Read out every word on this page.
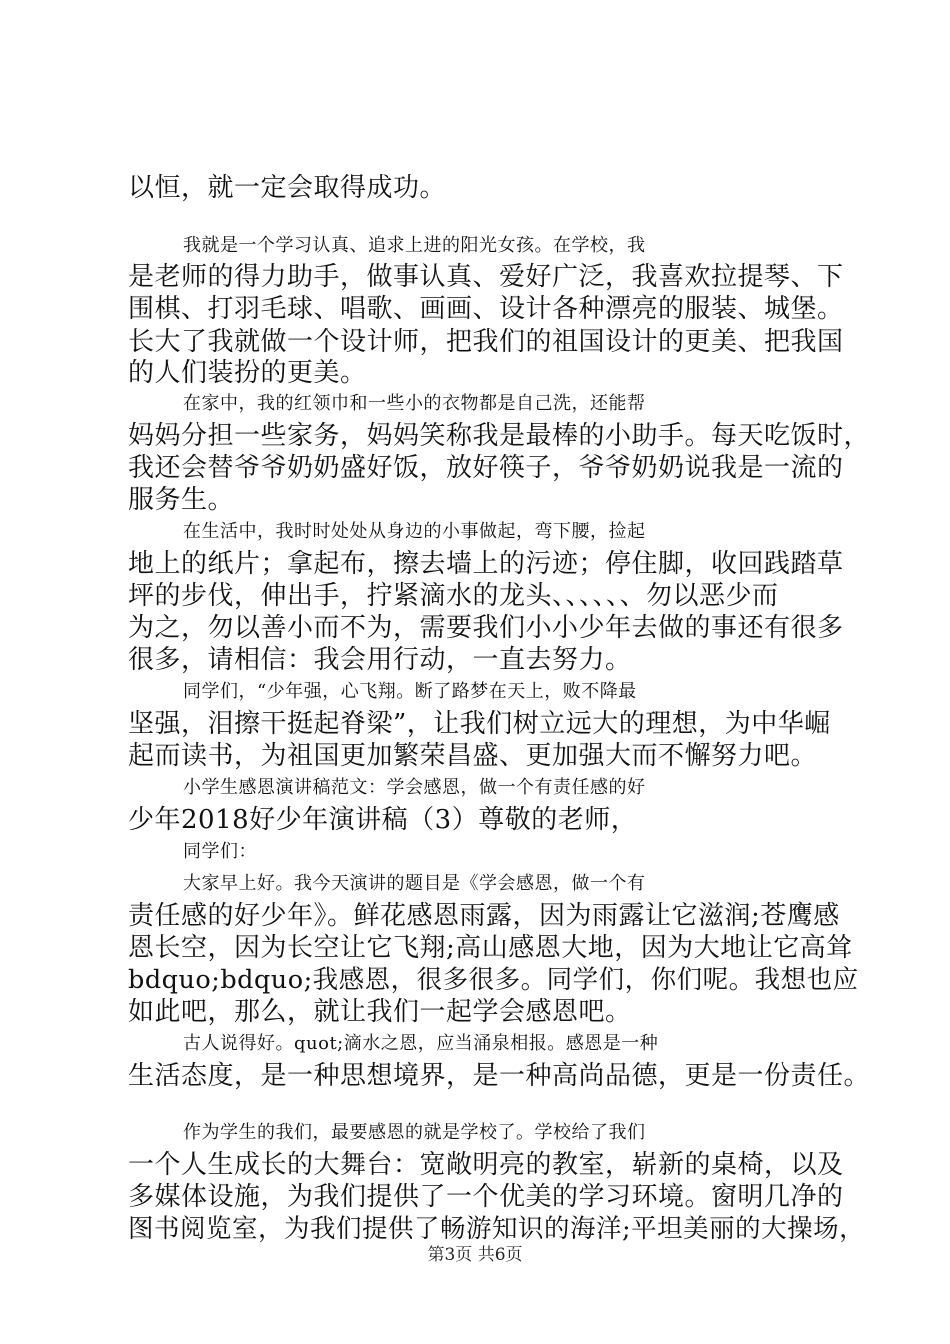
以恒，就一定会取得成功。
我就是一个学习认真、追求上进的阳光女孩。在学校，我
是老师的得力助手，做事认真、爱好广泛，我喜欢拉提琴、下
围棋、打羽毛球、唱歌、画画、设计各种漂亮的服装、城堡。
长大了我就做一个设计师，把我们的祖国设计的更美、把我国
的人们装扮的更美。
在家中，我的红领巾和一些小的衣物都是自己洗，还能帮
妈妈分担一些家务，妈妈笑称我是最棒的小助手。每天吃饭时，
我还会替爷爷奶奶盛好饭，放好筷子，爷爷奶奶说我是一流的
服务生。
在生活中，我时时处处从身边的小事做起，弯下腰，捡起
地上的纸片；拿起布，擦去墙上的污迹；停住脚，收回践踏草
坪的步伐，伸出手，拧紧滴水的龙头、、、、、、勿以恶少而
为之，勿以善小而不为，需要我们小小少年去做的事还有很多
很多，请相信：我会用行动，一直去努力。
同学们，“少年强，心飞翔。断了路梦在天上，败不降最
坚强，泪擦干挺起脊梁”，让我们树立远大的理想，为中华崛
起而读书，为祖国更加繁荣昌盛、更加强大而不懈努力吧。
小学生感恩演讲稿范文：学会感恩，做一个有责任感的好
少年2018好少年演讲稿（3）尊敬的老师，
同学们：
大家早上好。我今天演讲的题目是《学会感恩，做一个有
责任感的好少年》。鲜花感恩雨露，因为雨露让它滋润;苍鹰感
恩长空，因为长空让它飞翔;高山感恩大地，因为大地让它高耸
bdquo;bdquo;我感恩，很多很多。同学们，你们呢。我想也应
如此吧，那么，就让我们一起学会感恩吧。
古人说得好。quot;滴水之恩，应当涌泉相报。感恩是一种
生活态度，是一种思想境界，是一种高尚品德，更是一份责任。
作为学生的我们，最要感恩的就是学校了。学校给了我们
一个人生成长的大舞台：宽敞明亮的教室，崭新的桌椅，以及
多媒体设施，为我们提供了一个优美的学习环境。窗明几净的
图书阅览室，为我们提供了畅游知识的海洋;平坦美丽的大操场，
第3页 共6页
